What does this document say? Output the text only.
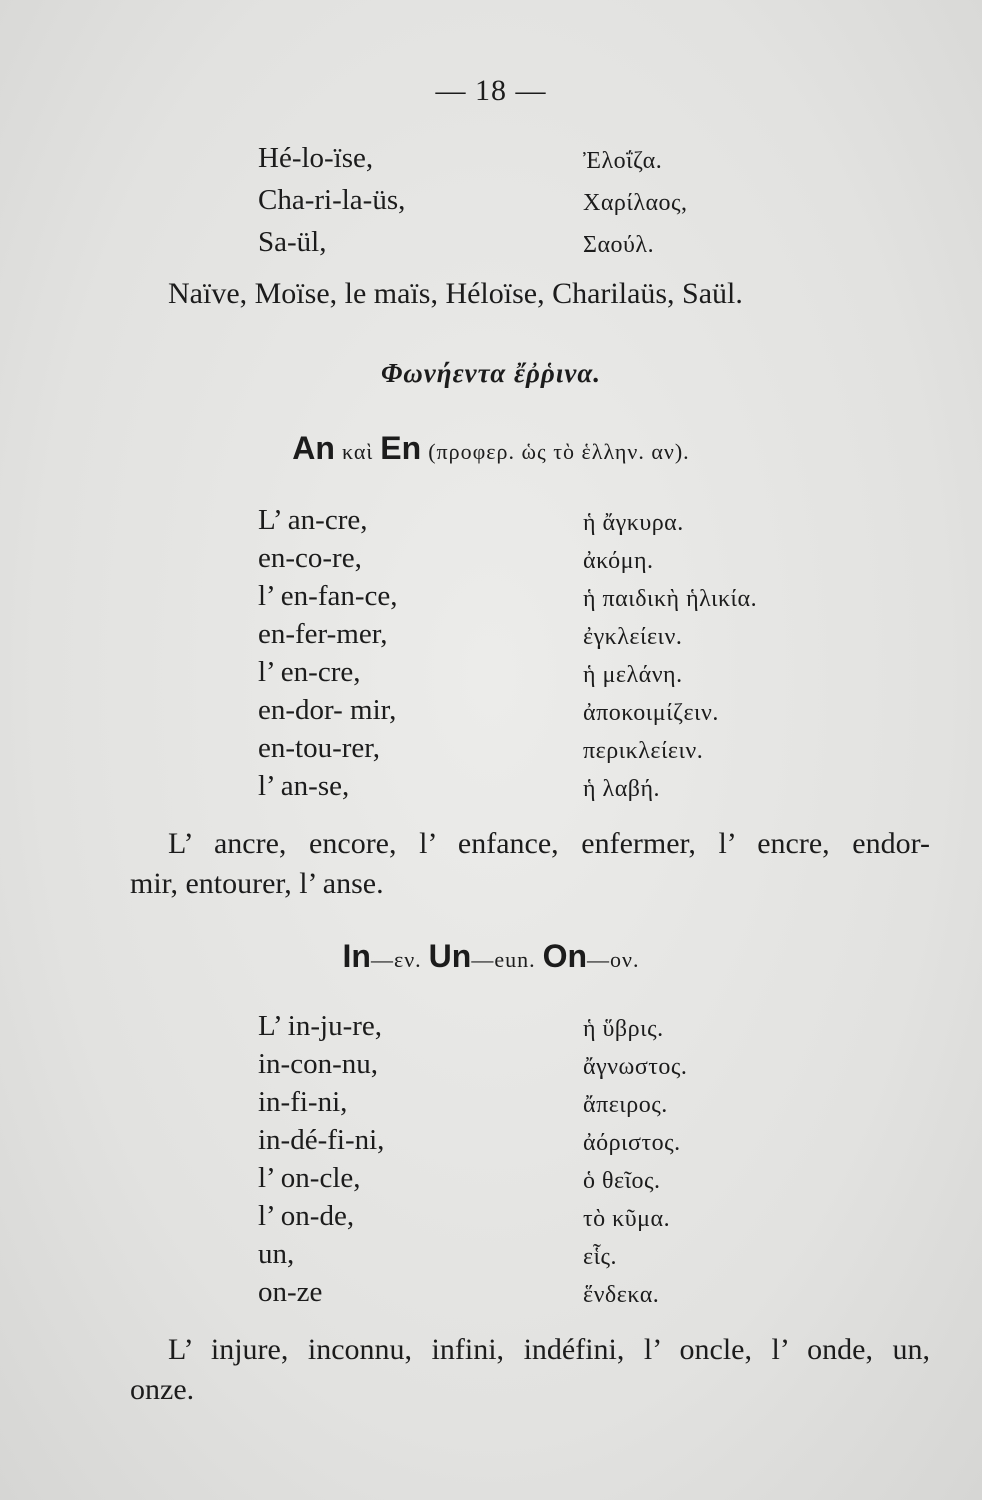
— 18 —
Hé-lo-ïse,	Ἐλοΐζα.
Cha-ri-la-üs,	Χαρίλαος,
Sa-ül,	Σαούλ.

Naïve, Moïse, le maïs, Héloïse, Charilaüs, Saül.

Φωνήεντα ἔῤῥινα.
An καὶ En (προφερ. ὡς τὸ ἑλλην. αν).
L’ an-cre,	ἡ ἄγκυρα.
en-co-re,	ἀκόμη.
l’ en-fan-ce,	ἡ παιδικὴ ἡλικία.
en-fer-mer,	ἐγκλείειν.
l’ en-cre,	ἡ μελάνη.
en-dor- mir,	ἀποκοιμίζειν.
en-tou-rer,	περικλείειν.
l’ an-se,	ἡ λαβή.
L’ ancre, encore, l’ enfance, enfermer, l’ encre, endor-
mir, entourer, l’ anse.
In—εν. Un—eun. On—ον.
L’ in-ju-re,	ἡ ὕβρις.
in-con-nu,	ἄγνωστος.
in-fi-ni,	ἄπειρος.
in-dé-fi-ni,	ἀόριστος.
l’ on-cle,	ὁ θεῖος.
l’ on-de,	τὸ κῦμα.
un,	εἷς.
on-ze	ἕνδεκα.
L’ injure, inconnu, infini, indéfini, l’ oncle, l’ onde, un,
onze.
